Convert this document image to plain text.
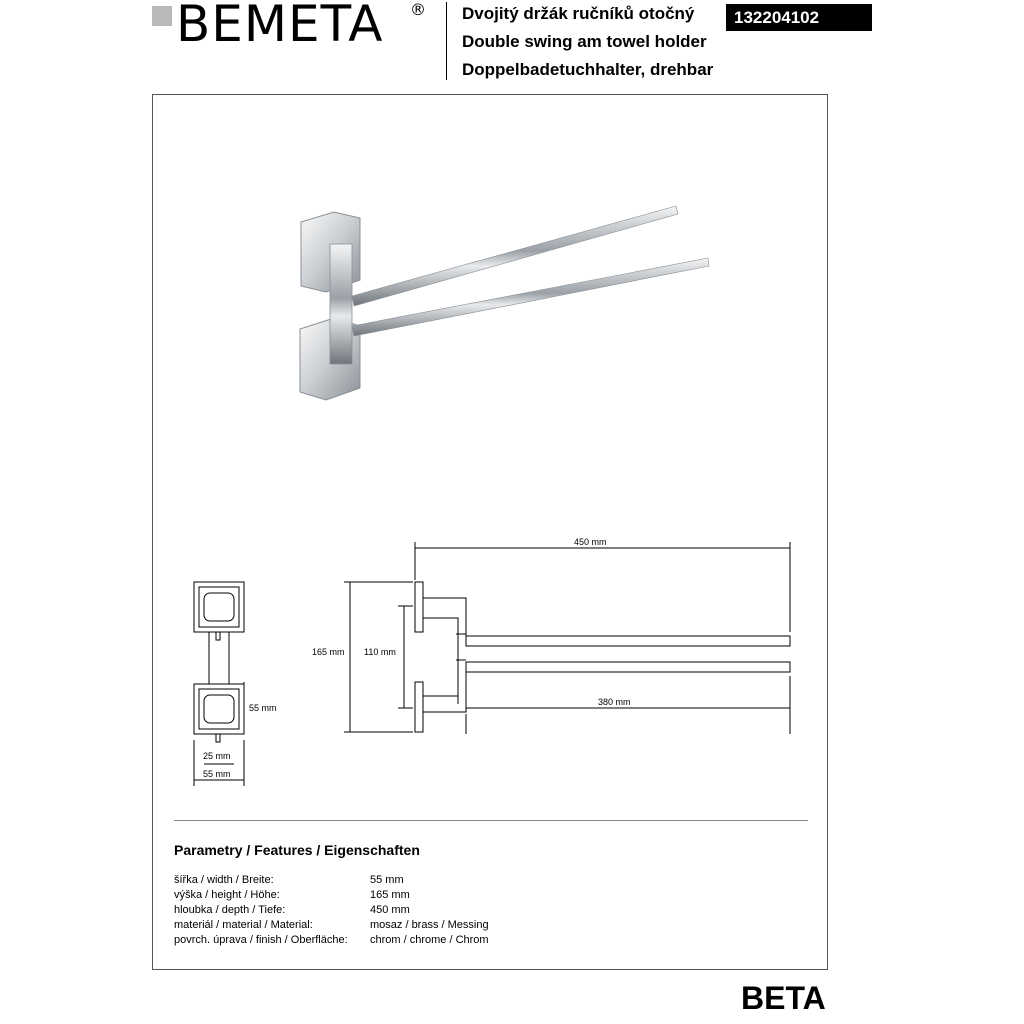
BEMETA ® Dvojitý držák ručníků otočný
Double swing am towel holder
Doppelbadetuchhalter, drehbar
132204102
55 mm
25 mm
55 mm
450 mm
380 mm
165 mm 110 mm
Parametry / Features / Eigenschaften
šířka / width / Breite:	55 mm
výška / height / Höhe:	165 mm
hloubka / depth / Tiefe:	450 mm
materiál / material / Material:	mosaz / brass / Messing
povrch. úprava / finish / Oberfläche:	chrom / chrome / Chrom
BETA
